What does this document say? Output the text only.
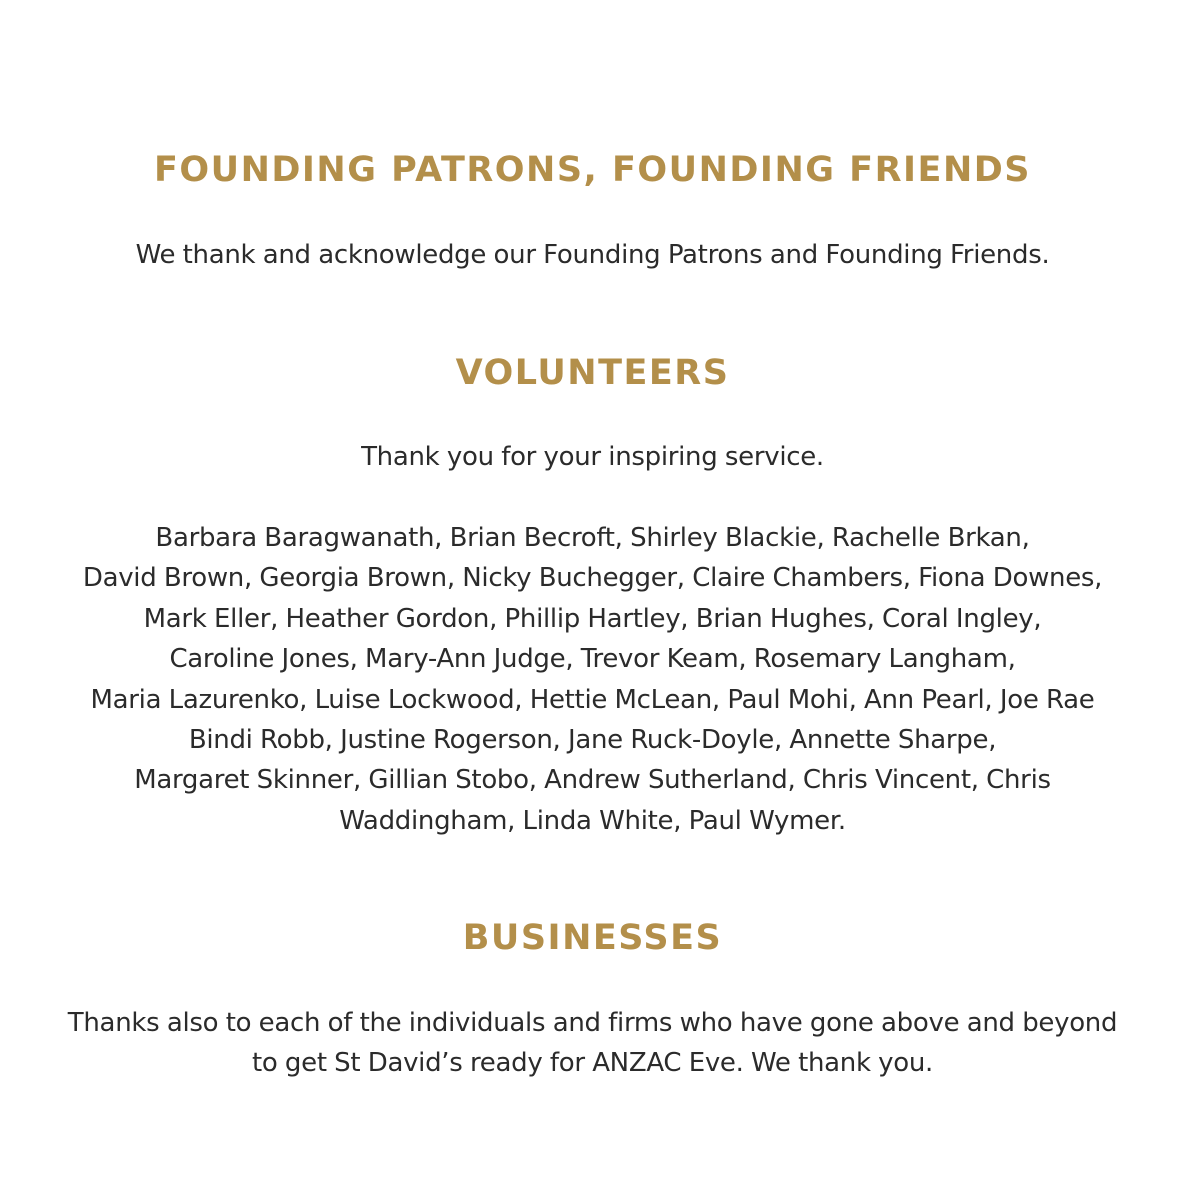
FOUNDING PATRONS, FOUNDING FRIENDS

We thank and acknowledge our Founding Patrons and Founding Friends.

VOLUNTEERS

Thank you for your inspiring service.

Barbara Baragwanath, Brian Becroft, Shirley Blackie, Rachelle Brkan,
David Brown, Georgia Brown, Nicky Buchegger, Claire Chambers, Fiona Downes,
Mark Eller, Heather Gordon, Phillip Hartley, Brian Hughes, Coral Ingley,
Caroline Jones, Mary-Ann Judge, Trevor Keam, Rosemary Langham,
Maria Lazurenko, Luise Lockwood, Hettie McLean, Paul Mohi, Ann Pearl, Joe Rae
Bindi Robb, Justine Rogerson, Jane Ruck-Doyle, Annette Sharpe,
Margaret Skinner, Gillian Stobo, Andrew Sutherland, Chris Vincent, Chris
Waddingham, Linda White, Paul Wymer.
BUSINESSES
Thanks also to each of the individuals and firms who have gone above and beyond
to get St David’s ready for ANZAC Eve. We thank you.
